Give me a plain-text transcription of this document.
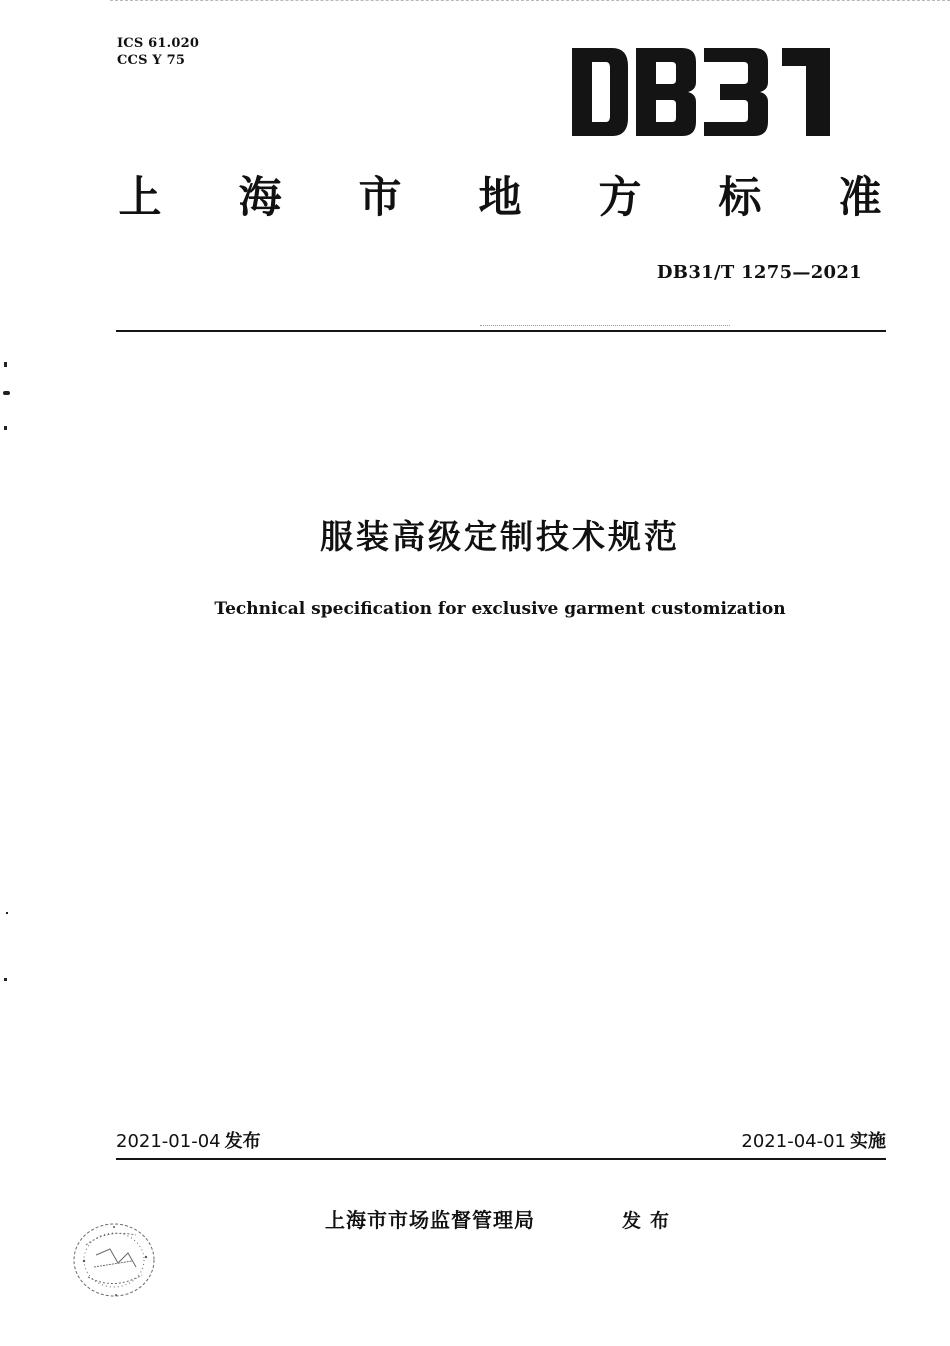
ICS 61.020
CCS Y 75
上	海	市	地	方	标	准
DB31/T 1275—2021
服装高级定制技术规范
Technical specification for exclusive garment customization
2021-01-04 发布	2021-04-01 实施
上海市市场监督管理局	发布
